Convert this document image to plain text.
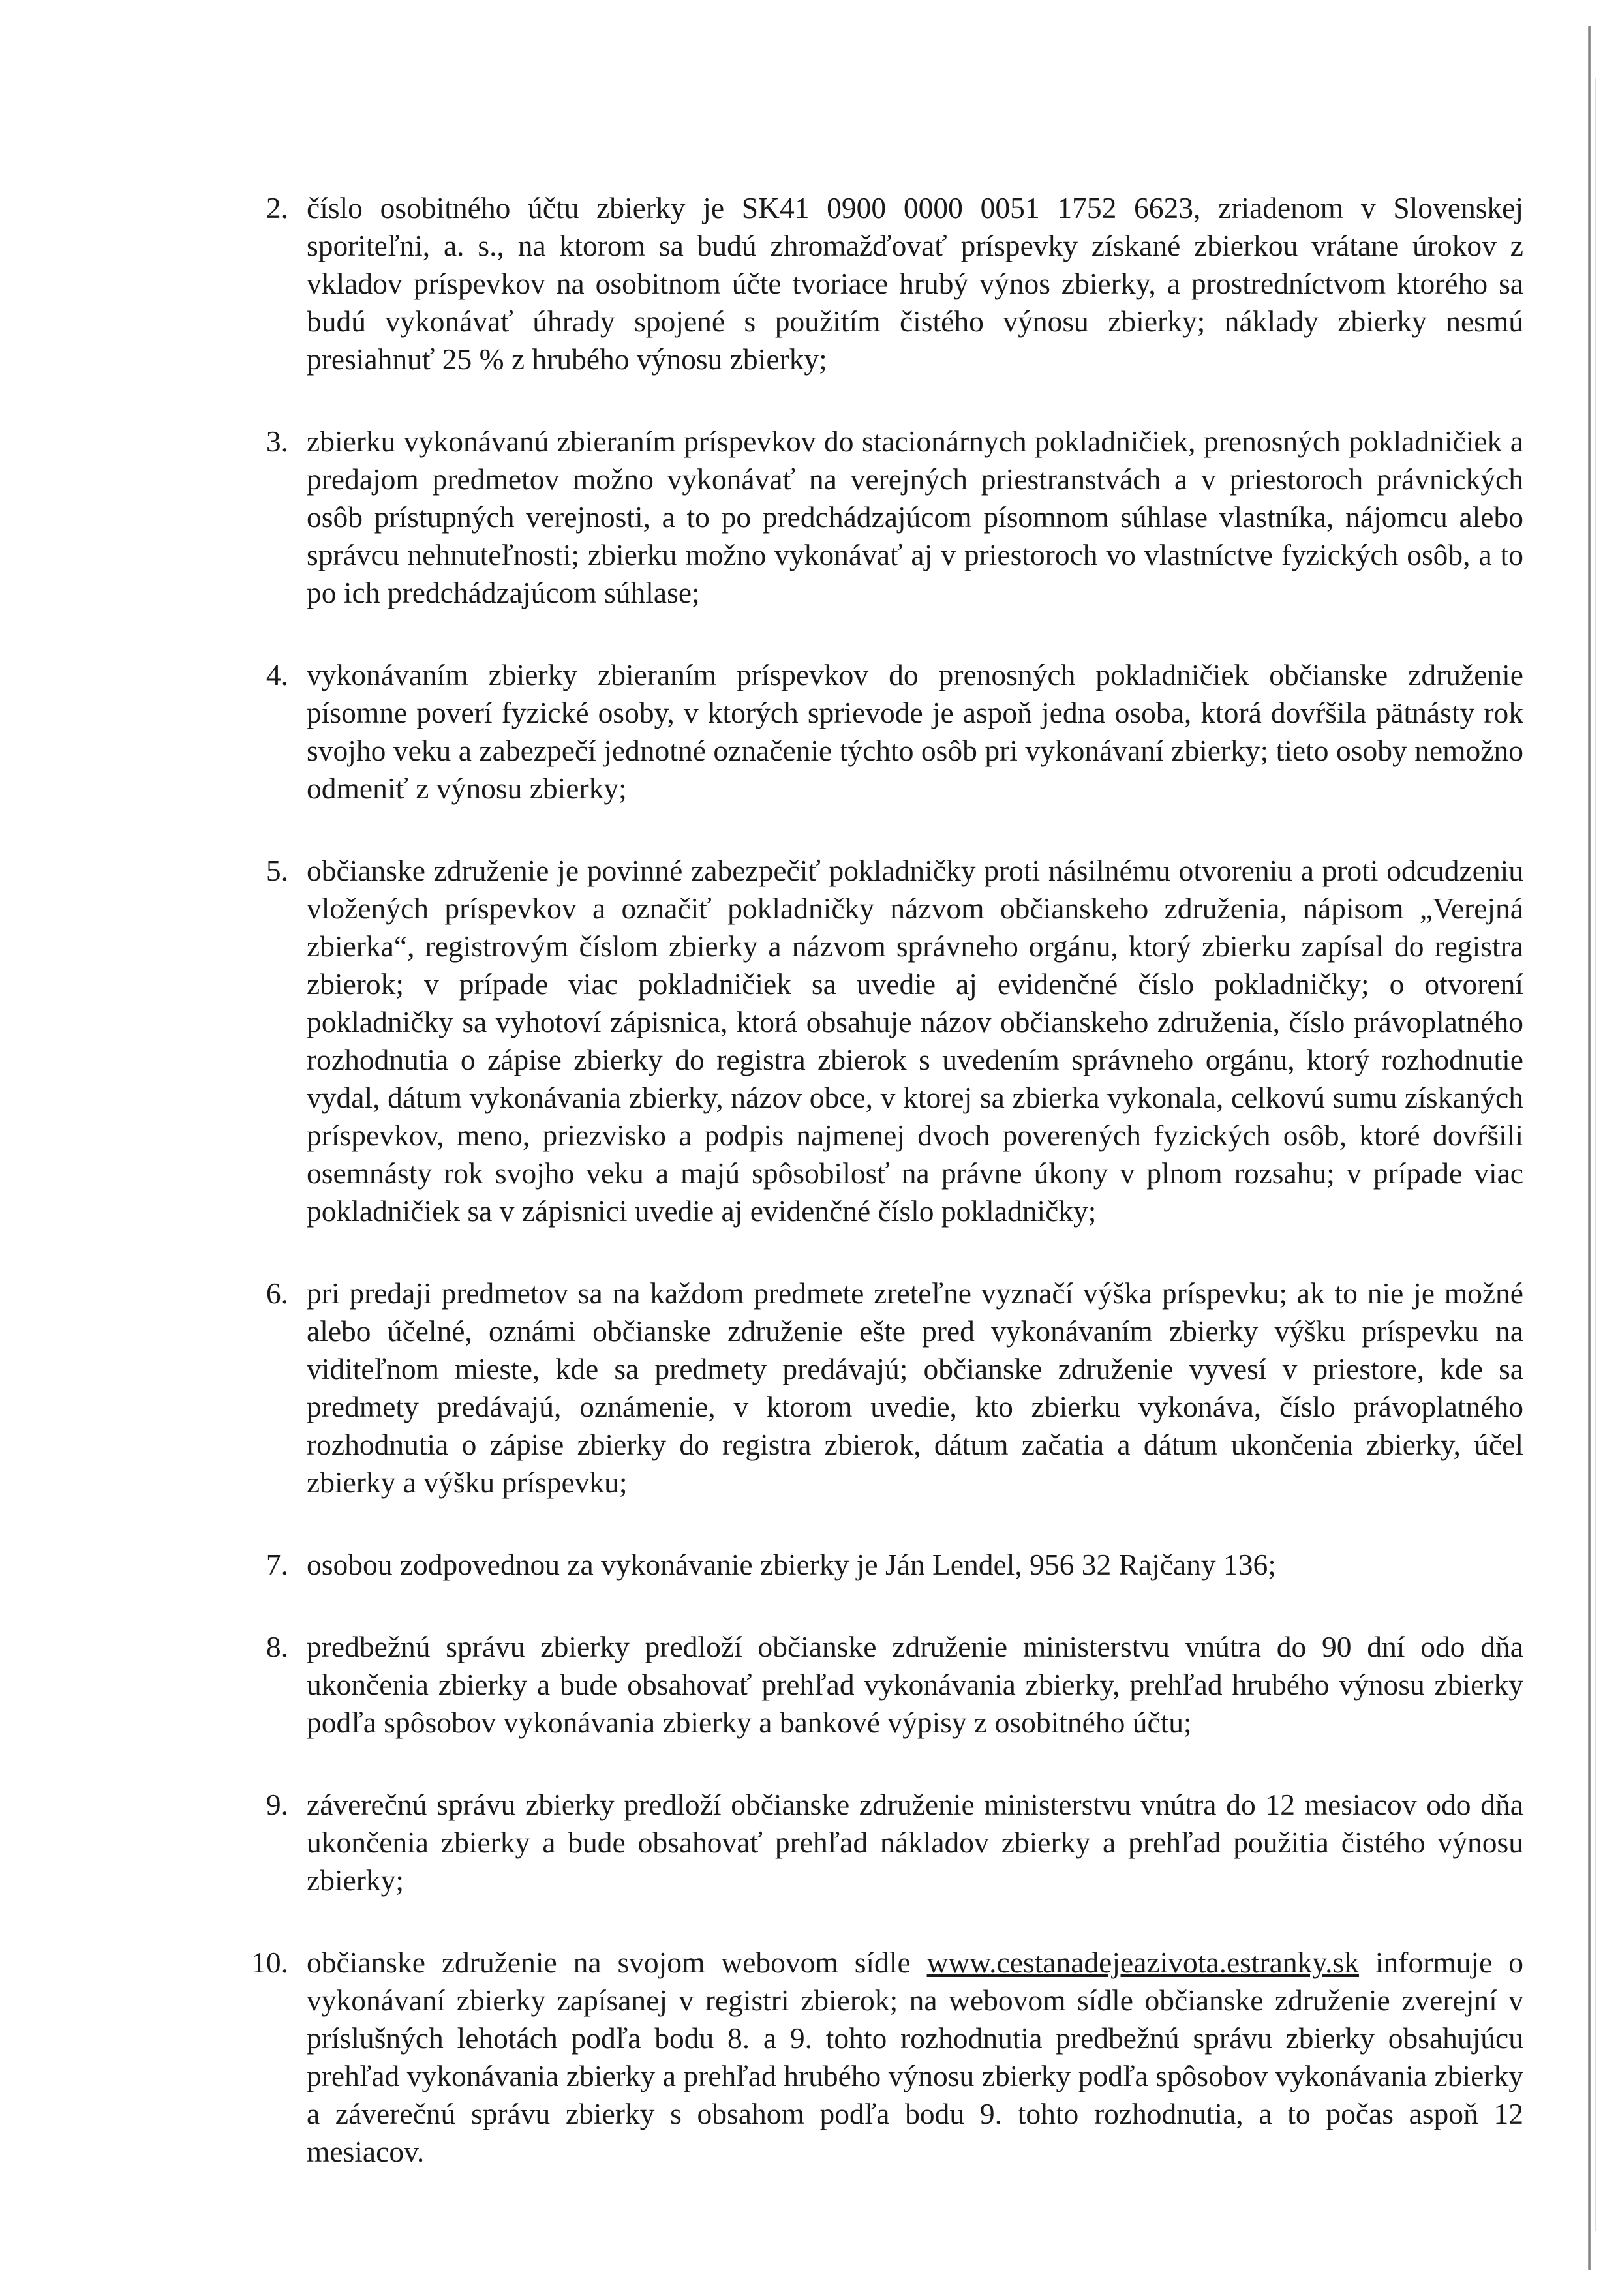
2. číslo osobitného účtu zbierky je SK41 0900 0000 0051 1752 6623, zriadenom v Slovenskej sporiteľni, a. s., na ktorom sa budú zhromažďovať príspevky získané zbierkou vrátane úrokov z vkladov príspevkov na osobitnom účte tvoriace hrubý výnos zbierky, a prostredníctvom ktorého sa budú vykonávať úhrady spojené s použitím čistého výnosu zbierky; náklady zbierky nesmú presiahnuť 25 % z hrubého výnosu zbierky;
3. zbierku vykonávanú zbieraním príspevkov do stacionárnych pokladničiek, prenosných pokladničiek a predajom predmetov možno vykonávať na verejných priestranstvách a v priestoroch právnických osôb prístupných verejnosti, a to po predchádzajúcom písomnom súhlase vlastníka, nájomcu alebo správcu nehnuteľnosti; zbierku možno vykonávať aj v priestoroch vo vlastníctve fyzických osôb, a to po ich predchádzajúcom súhlase;
4. vykonávaním zbierky zbieraním príspevkov do prenosných pokladničiek občianske združenie písomne poverí fyzické osoby, v ktorých sprievode je aspoň jedna osoba, ktorá dovŕšila pätnásty rok svojho veku a zabezpečí jednotné označenie týchto osôb pri vykonávaní zbierky; tieto osoby nemožno odmeniť z výnosu zbierky;
5. občianske združenie je povinné zabezpečiť pokladničky proti násilnému otvoreniu a proti odcudzeniu vložených príspevkov a označiť pokladničky názvom občianskeho združenia, nápisom „Verejná zbierka“, registrovým číslom zbierky a názvom správneho orgánu, ktorý zbierku zapísal do registra zbierok; v prípade viac pokladničiek sa uvedie aj evidenčné číslo pokladničky; o otvorení pokladničky sa vyhotoví zápisnica, ktorá obsahuje názov občianskeho združenia, číslo právoplatného rozhodnutia o zápise zbierky do registra zbierok s uvedením správneho orgánu, ktorý rozhodnutie vydal, dátum vykonávania zbierky, názov obce, v ktorej sa zbierka vykonala, celkovú sumu získaných príspevkov, meno, priezvisko a podpis najmenej dvoch poverených fyzických osôb, ktoré dovŕšili osemnásty rok svojho veku a majú spôsobilosť na právne úkony v plnom rozsahu; v prípade viac pokladničiek sa v zápisnici uvedie aj evidenčné číslo pokladničky;
6. pri predaji predmetov sa na každom predmete zreteľne vyznačí výška príspevku; ak to nie je možné alebo účelné, oznámi občianske združenie ešte pred vykonávaním zbierky výšku príspevku na viditeľnom mieste, kde sa predmety predávajú; občianske združenie vyvesí v priestore, kde sa predmety predávajú, oznámenie, v ktorom uvedie, kto zbierku vykonáva, číslo právoplatného rozhodnutia o zápise zbierky do registra zbierok, dátum začatia a dátum ukončenia zbierky, účel zbierky a výšku príspevku;
7. osobou zodpovednou za vykonávanie zbierky je Ján Lendel, 956 32 Rajčany 136;
8. predbežnú správu zbierky predloží občianske združenie ministerstvu vnútra do 90 dní odo dňa ukončenia zbierky a bude obsahovať prehľad vykonávania zbierky, prehľad hrubého výnosu zbierky podľa spôsobov vykonávania zbierky a bankové výpisy z osobitného účtu;
9. záverečnú správu zbierky predloží občianske združenie ministerstvu vnútra do 12 mesiacov odo dňa ukončenia zbierky a bude obsahovať prehľad nákladov zbierky a prehľad použitia čistého výnosu zbierky;
10. občianske združenie na svojom webovom sídle www.cestanadejeazivota.estranky.sk informuje o vykonávaní zbierky zapísanej v registri zbierok; na webovom sídle občianske združenie zverejní v príslušných lehotách podľa bodu 8. a 9. tohto rozhodnutia predbežnú správu zbierky obsahujúcu prehľad vykonávania zbierky a prehľad hrubého výnosu zbierky podľa spôsobov vykonávania zbierky a záverečnú správu zbierky s obsahom podľa bodu 9. tohto rozhodnutia, a to počas aspoň 12 mesiacov.
